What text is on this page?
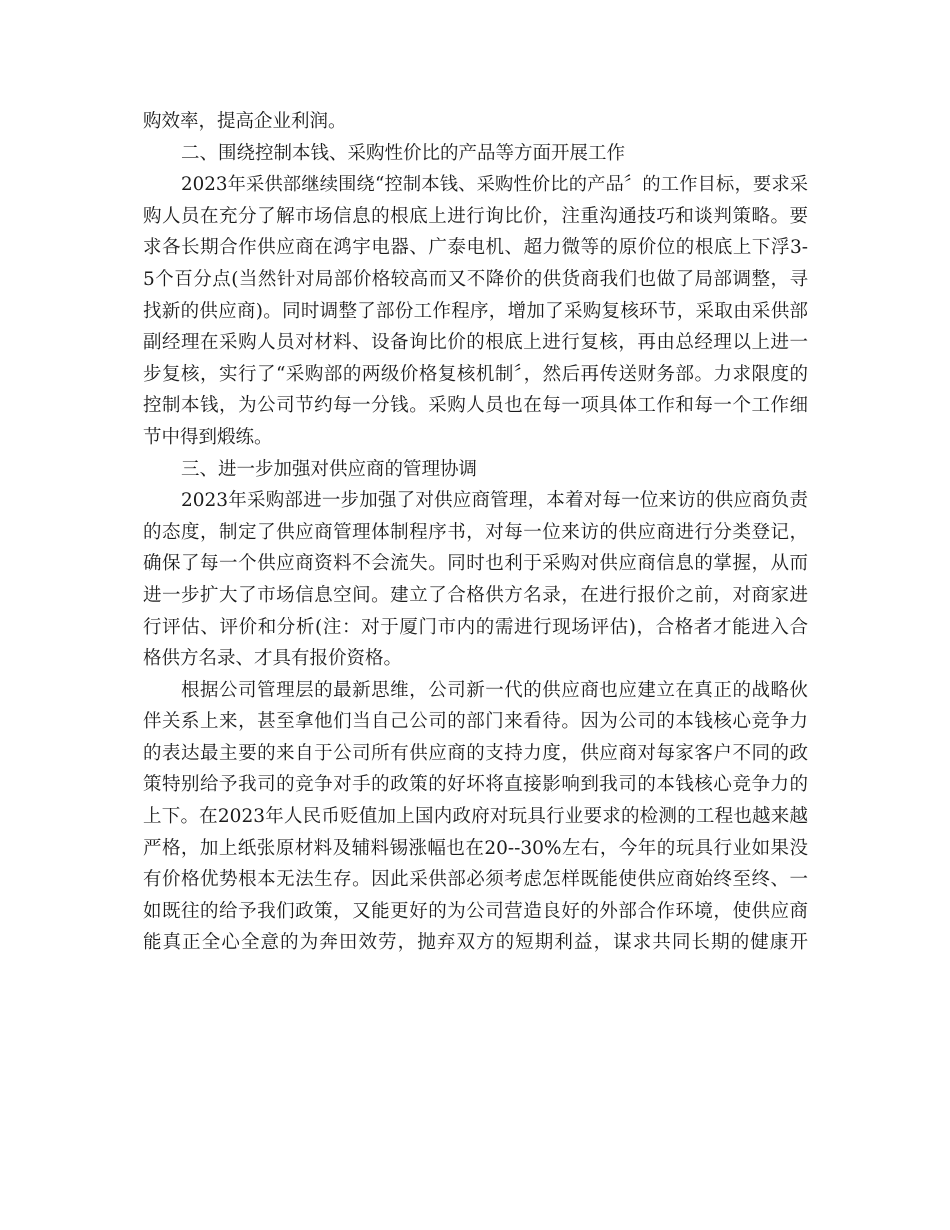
购效率，提高企业利润。
二、围绕控制本钱、采购性价比的产品等方面开展工作
2023年采供部继续围绕“控制本钱、采购性价比的产品〞的工作目标，要求采
购人员在充分了解市场信息的根底上进行询比价，注重沟通技巧和谈判策略。要
求各长期合作供应商在鸿宇电器、广泰电机、超力微等的原价位的根底上下浮3-
5个百分点(当然针对局部价格较高而又不降价的供货商我们也做了局部调整，寻
找新的供应商)。同时调整了部份工作程序，增加了采购复核环节，采取由采供部
副经理在采购人员对材料、设备询比价的根底上进行复核，再由总经理以上进一
步复核，实行了“采购部的两级价格复核机制〞，然后再传送财务部。力求限度的
控制本钱，为公司节约每一分钱。采购人员也在每一项具体工作和每一个工作细
节中得到煅练。
三、进一步加强对供应商的管理协调
2023年采购部进一步加强了对供应商管理，本着对每一位来访的供应商负责
的态度，制定了供应商管理体制程序书，对每一位来访的供应商进行分类登记，
确保了每一个供应商资料不会流失。同时也利于采购对供应商信息的掌握，从而
进一步扩大了市场信息空间。建立了合格供方名录，在进行报价之前，对商家进
行评估、评价和分析(注：对于厦门市内的需进行现场评估)，合格者才能进入合
格供方名录、才具有报价资格。
根据公司管理层的最新思维，公司新一代的供应商也应建立在真正的战略伙
伴关系上来，甚至拿他们当自己公司的部门来看待。因为公司的本钱核心竞争力
的表达最主要的来自于公司所有供应商的支持力度，供应商对每家客户不同的政
策特别给予我司的竞争对手的政策的好坏将直接影响到我司的本钱核心竞争力的
上下。在2023年人民币贬值加上国内政府对玩具行业要求的检测的工程也越来越
严格，加上纸张原材料及辅料锡涨幅也在20--30%左右，今年的玩具行业如果没
有价格优势根本无法生存。因此采供部必须考虑怎样既能使供应商始终至终、一
如既往的给予我们政策，又能更好的为公司营造良好的外部合作环境，使供应商
能真正全心全意的为奔田效劳，抛弃双方的短期利益，谋求共同长期的健康开
